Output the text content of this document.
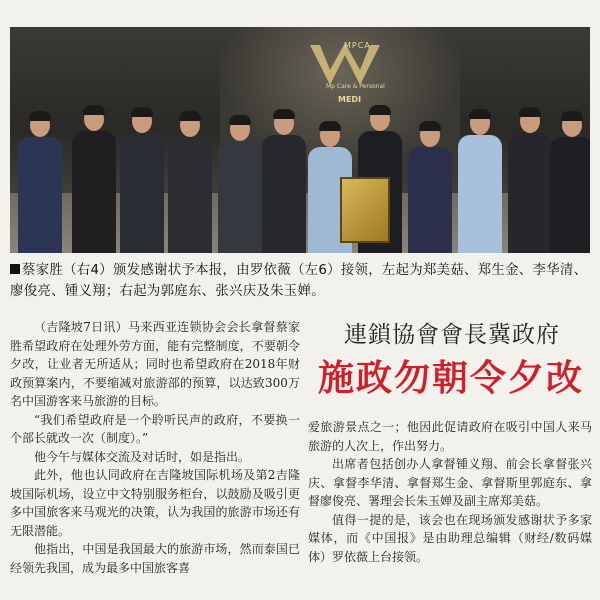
MPCA
Mp Care & Personal
MEDI
蔡家胜（右4）颁发感谢状予本报，由罗依薇（左6）接领，左起为郑美菇、郑生金、李华清、廖俊亮、锺义翔；右起为郭庭东、张兴庆及朱玉婵。

（吉隆坡7日讯）马来西亚连锁协会会长拿督蔡家胜希望政府在处理外劳方面，能有完整制度，不要朝令夕改，让业者无所适从；同时也希望政府在2018年财政预算案内，不要缩减对旅游部的预算，以达致300万名中国游客来马旅游的目标。

“我们希望政府是一个聆听民声的政府，不要换一个部长就改一次（制度）。”

他今午与媒体交流及对话时，如是指出。

此外，他也认同政府在吉隆坡国际机场及第2吉隆坡国际机场，设立中文特别服务柜台，以鼓励及吸引更多中国旅客来马观光的决策，认为我国的旅游市场还有无限潜能。

他指出，中国是我国最大的旅游市场，然而泰国已经领先我国，成为最多中国旅客喜

連鎖協會會長冀政府
施政勿朝令夕改

爱旅游景点之一；他因此促请政府在吸引中国人来马旅游的人次上，作出努力。

出席者包括创办人拿督锺义翔、前会长拿督张兴庆、拿督李华清、拿督郑生金、拿督斯里郭庭东、拿督廖俊亮、署理会长朱玉婵及副主席郑美菇。

值得一提的是，该会也在现场颁发感谢状予多家媒体，而《中国报》是由助理总编辑（财经/数码媒体）罗依薇上台接领。
